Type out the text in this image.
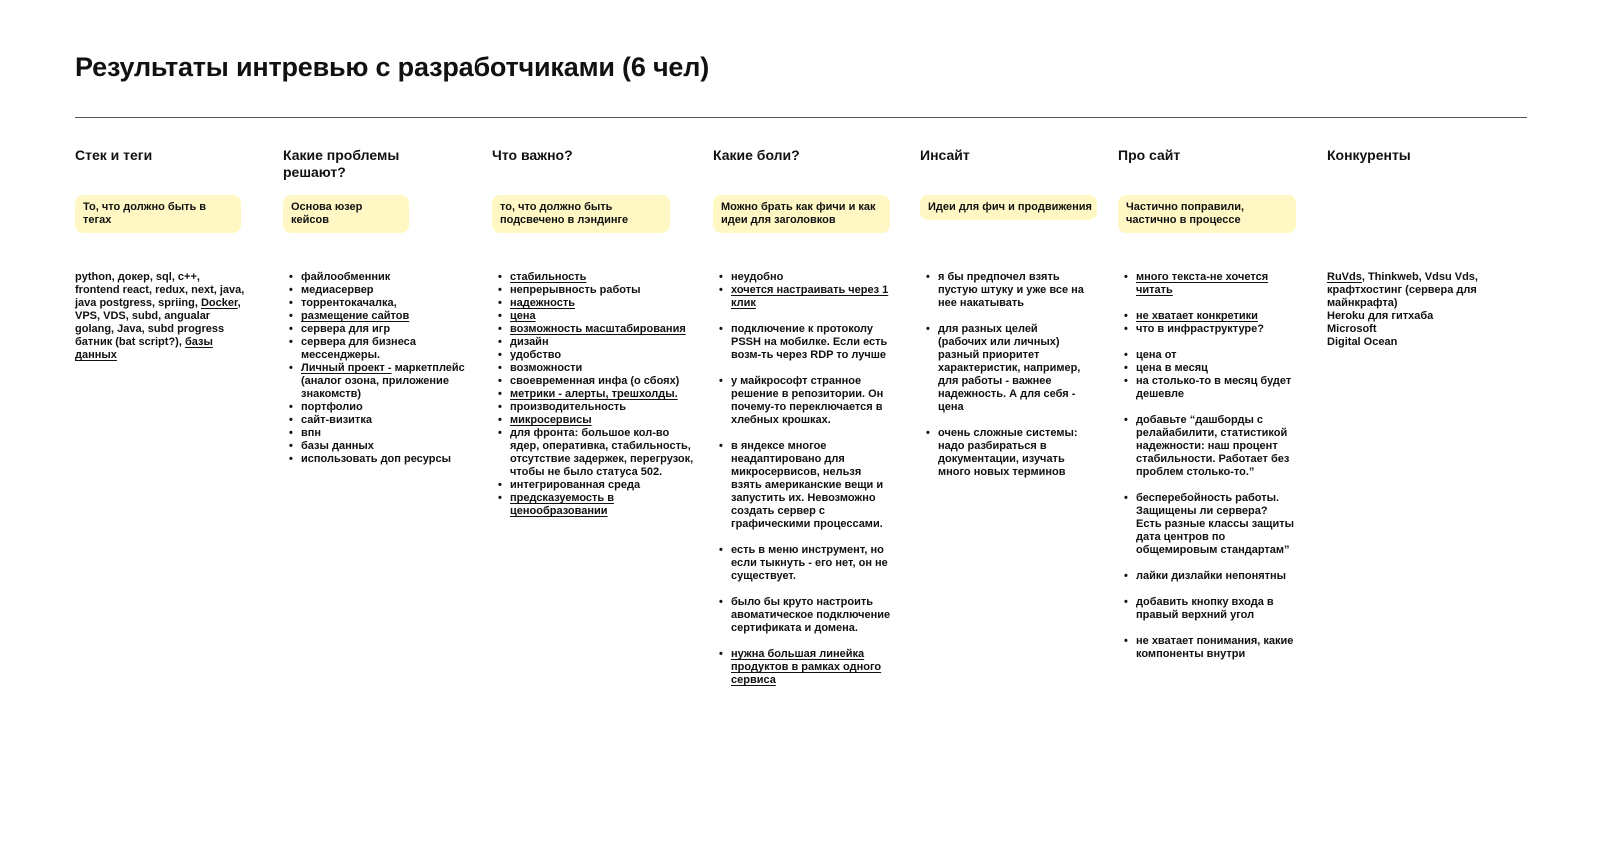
Результаты интревью с разработчиками (6 чел)
Стек и теги
То, что должно быть в тегах

python, докер, sql, c++,

frontend react, redux, next, java,

java postgress, spriing, Docker,

VPS, VDS, subd, angualar

golang, Java, subd progress

батник (bat script?), базы данных

Какие проблемы решают?
Основа юзер кейсов
• файлообменник
• медиасервер
• торрентокачалка,
• размещение сайтов
• сервера для игр
• сервера для бизнеса мессенджеры.
• Личный проект - маркетплейс (аналог озона, приложение знакомств)
• портфолио
• сайт-визитка
• впн
• базы данных
• использовать доп ресурсы
Что важно?
то, что должно быть подсвечено в лэндинге
• стабильность
• непрерывность работы
• надежность
• цена
• возможность масштабирования
• дизайн
• удобство
• возможности
• своевременная инфа (о сбоях)
• метрики - алерты, трешхолды.
• производительность
• микросервисы
• для фронта: большое кол-во ядер, оперативка, стабильность, отсутствие задержек, перегрузок, чтобы не было статуса 502.
• интегрированная среда
• предсказуемость в ценообразовании
Какие боли?
Можно брать как фичи и как идеи для заголовков
• неудобно
• хочется настраивать через 1 клик
• подключение к протоколу PSSH на мобилке. Если есть возм-ть через RDP то лучше
• у майкрософт странное решение в репозитории. Он почему-то переключается в хлебных крошках.
• в яндексе многое неадаптировано для микросервисов, нельзя взять американские вещи и запустить их. Невозможно создать сервер с графическими процессами.
• есть в меню инструмент, но если тыкнуть - его нет, он не существует.
• было бы круто настроить авоматическое подключение сертификата и домена.
• нужна большая линейка продуктов в рамках одного сервиса
Инсайт
Идеи для фич и продвижения
• я бы предпочел взять пустую штуку и уже все на нее накатывать
• для разных целей (рабочих или личных) разный приоритет характеристик, например, для работы - важнее надежность. А для себя - цена
• очень сложные системы: надо разбираться в документации, изучать много новых терминов
Про сайт
Частично поправили, частично в процессе
• много текста-не хочется читать
• не хватает конкретики
• что в инфраструктуре?
• цена от
• цена в месяц
• на столько-то в месяц будет дешевле
• добавьте “дашборды с релайабилити, статистикой надежности: наш процент стабильности. Работает без проблем столько-то.”
• бесперебойность работы. Защищены ли сервера? Есть разные классы защиты дата центров по общемировым стандартам”
• лайки дизлайки непонятны
• добавить кнопку входа в правый верхний угол
• не хватает понимания, какие компоненты внутри
Конкуренты

RuVds, Thinkweb, Vdsu Vds,

крафтхостинг (сервера для майнкрафта)

Heroku для гитхаба

Microsoft

Digital Ocean
